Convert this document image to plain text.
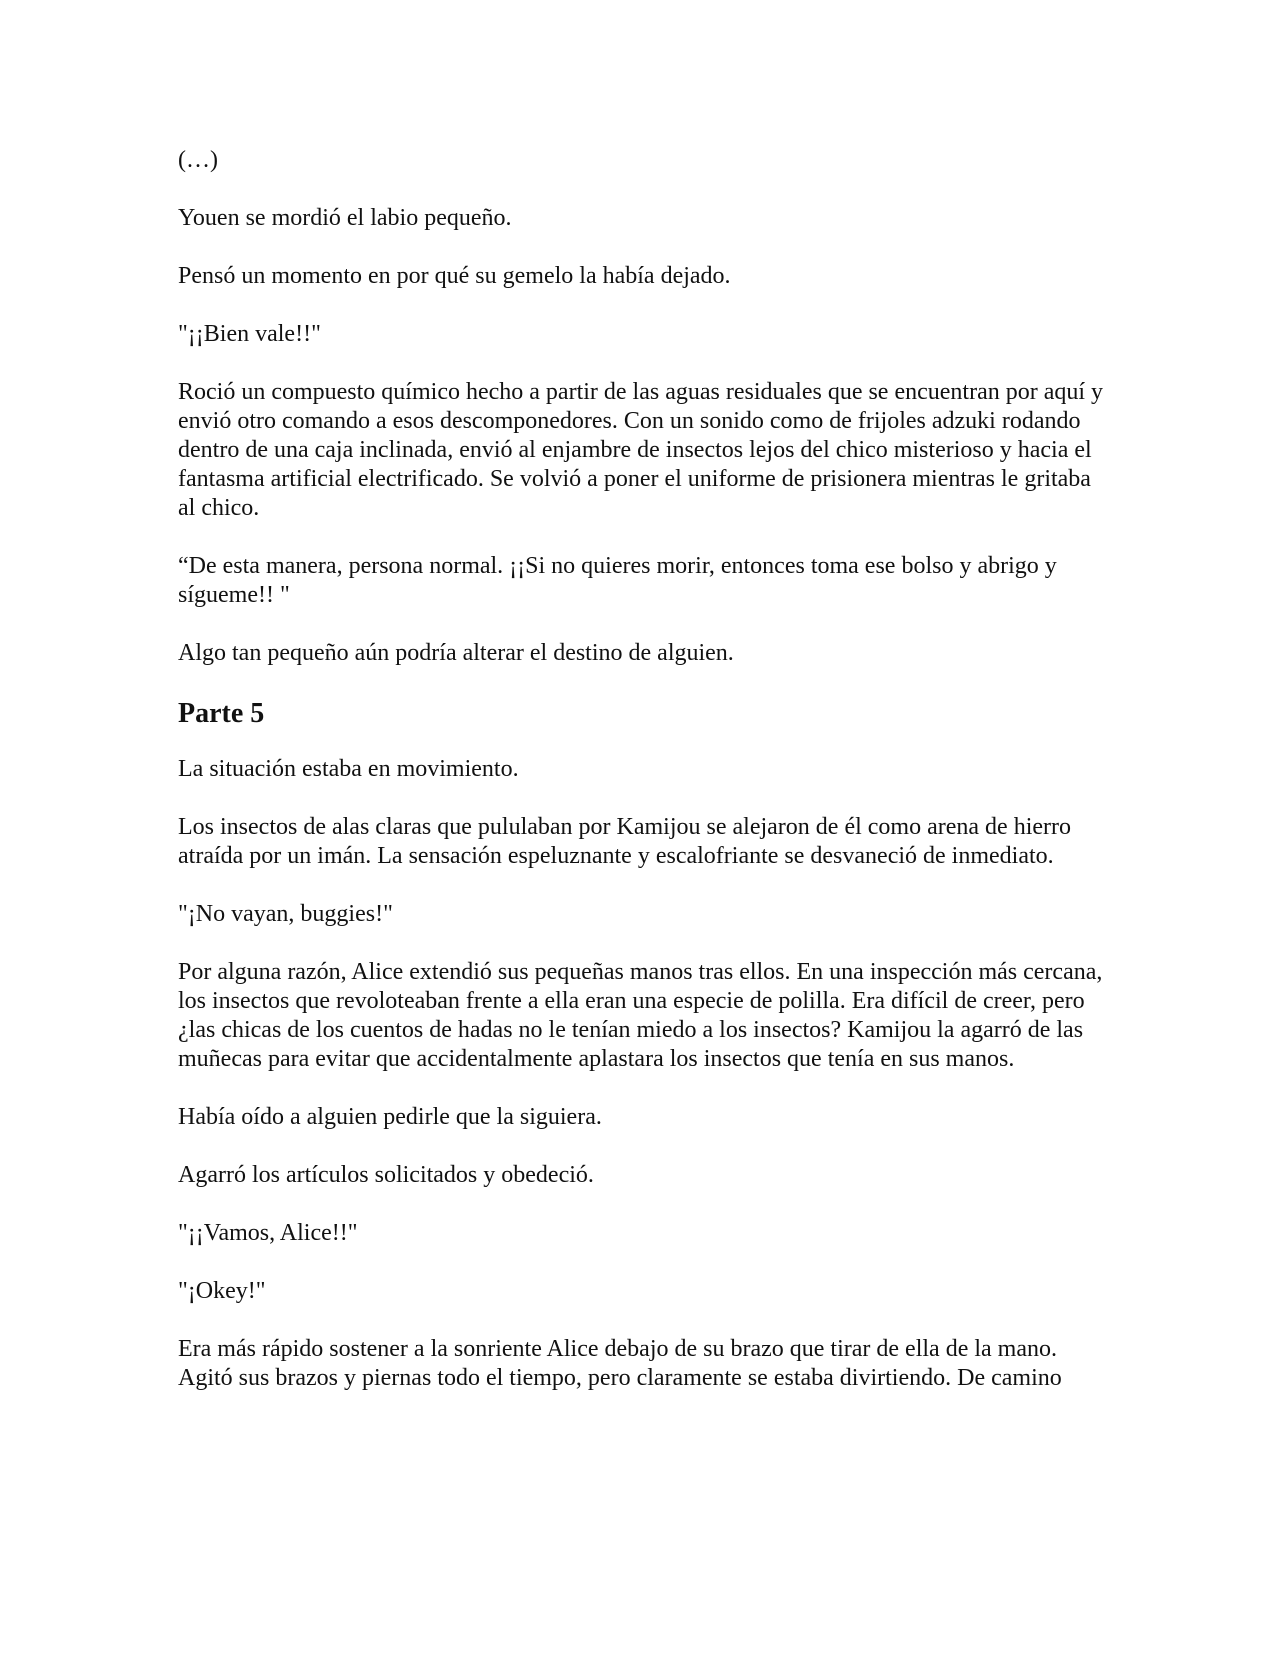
(…)

Youen se mordió el labio pequeño.

Pensó un momento en por qué su gemelo la había dejado.

"¡¡Bien vale!!"

Roció un compuesto químico hecho a partir de las aguas residuales que se encuentran por aquí y envió otro comando a esos descomponedores. Con un sonido como de frijoles adzuki rodando dentro de una caja inclinada, envió al enjambre de insectos lejos del chico misterioso y hacia el fantasma artificial electrificado. Se volvió a poner el uniforme de prisionera mientras le gritaba al chico.

“De esta manera, persona normal. ¡¡Si no quieres morir, entonces toma ese bolso y abrigo y sígueme!! "

Algo tan pequeño aún podría alterar el destino de alguien.

Parte 5

La situación estaba en movimiento.

Los insectos de alas claras que pululaban por Kamijou se alejaron de él como arena de hierro atraída por un imán. La sensación espeluznante y escalofriante se desvaneció de inmediato.

"¡No vayan, buggies!"

Por alguna razón, Alice extendió sus pequeñas manos tras ellos. En una inspección más cercana, los insectos que revoloteaban frente a ella eran una especie de polilla. Era difícil de creer, pero ¿las chicas de los cuentos de hadas no le tenían miedo a los insectos? Kamijou la agarró de las muñecas para evitar que accidentalmente aplastara los insectos que tenía en sus manos.

Había oído a alguien pedirle que la siguiera.

Agarró los artículos solicitados y obedeció.

"¡¡Vamos, Alice!!"

"¡Okey!"

Era más rápido sostener a la sonriente Alice debajo de su brazo que tirar de ella de la mano. Agitó sus brazos y piernas todo el tiempo, pero claramente se estaba divirtiendo. De camino
